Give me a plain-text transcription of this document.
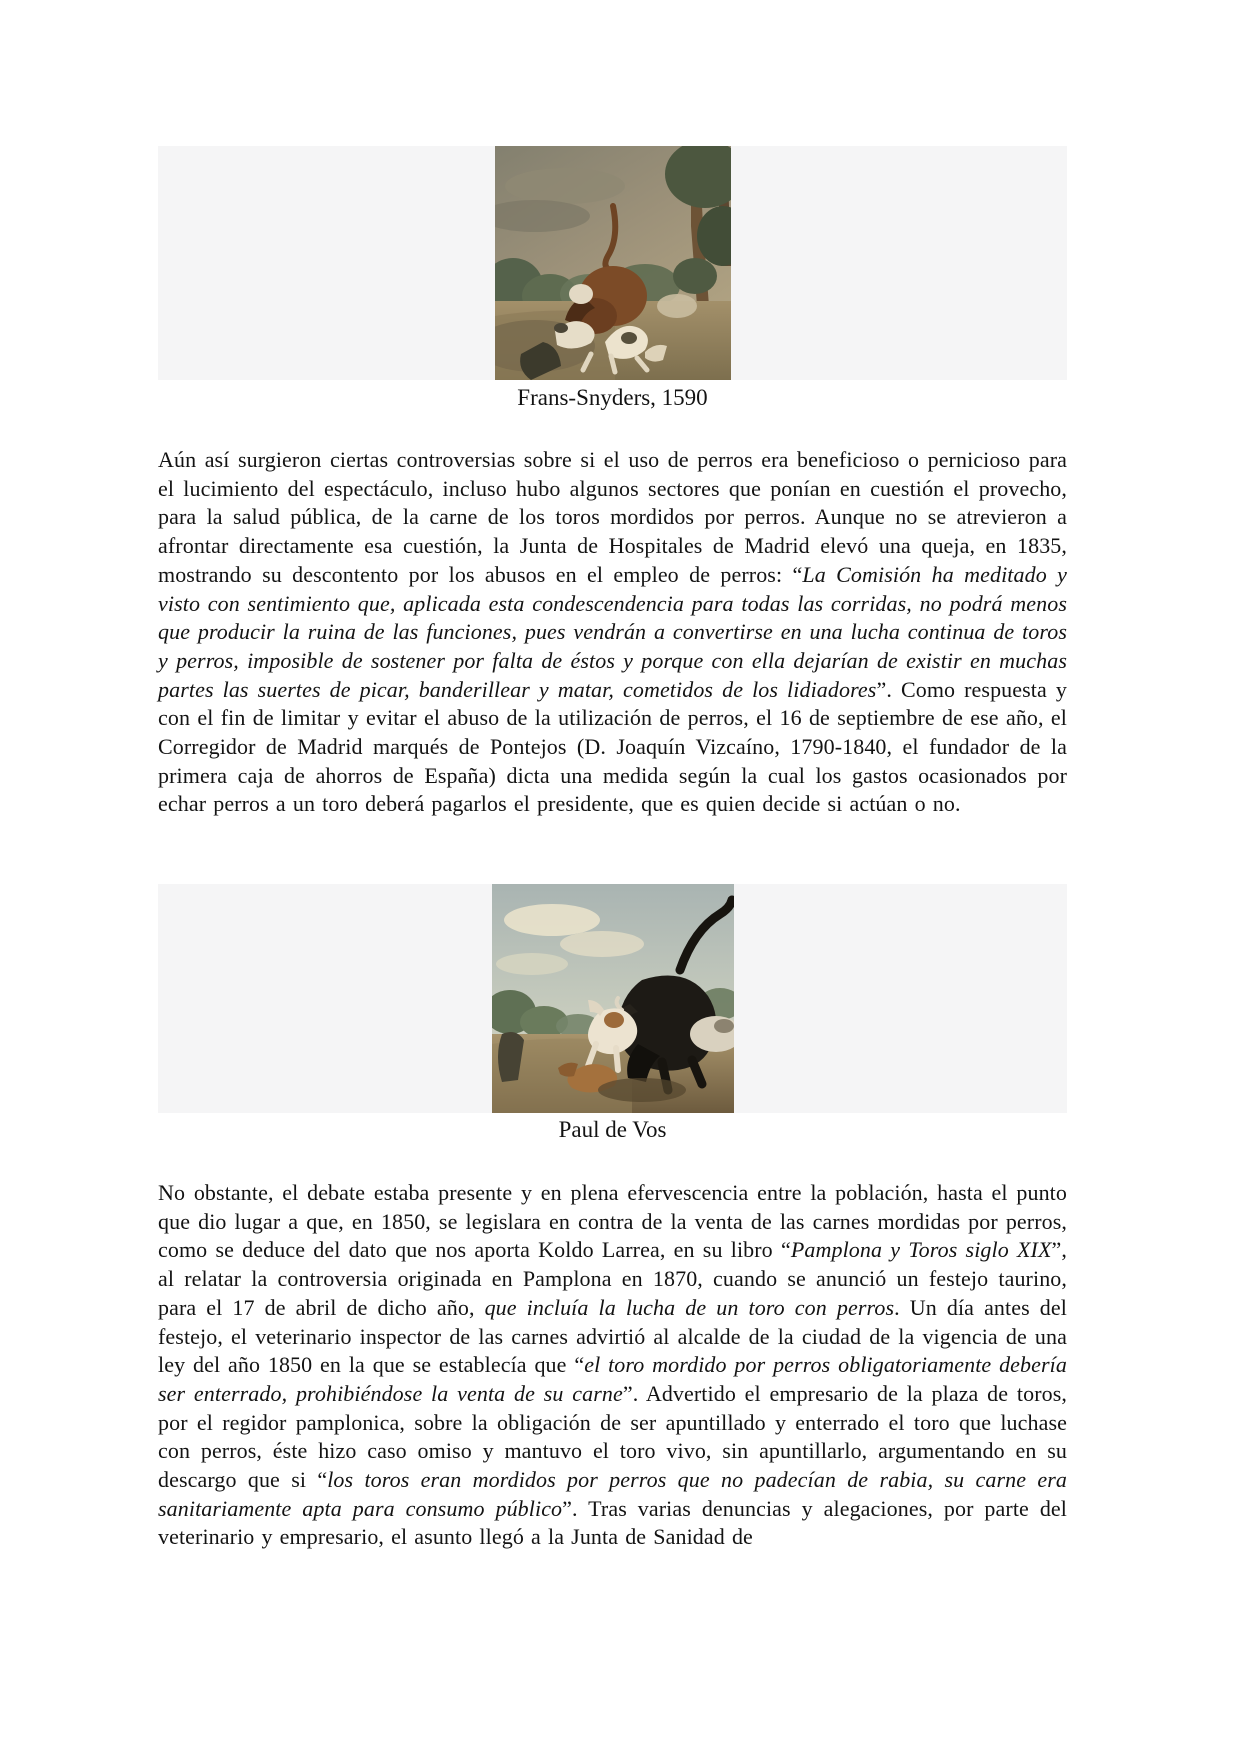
Frans-Snyders, 1590

Aún así surgieron ciertas controversias sobre si el uso de perros era beneficioso o pernicioso para el lucimiento del espectáculo, incluso hubo algunos sectores que ponían en cuestión el provecho, para la salud pública, de la carne de los toros mordidos por perros. Aunque no se atrevieron a afrontar directamente esa cuestión, la Junta de Hospitales de Madrid elevó una queja, en 1835, mostrando su descontento por los abusos en el empleo de perros: “La Comisión ha meditado y visto con sentimiento que, aplicada esta condescendencia para todas las corridas, no podrá menos que producir la ruina de las funciones, pues vendrán a convertirse en una lucha continua de toros y perros, imposible de sostener por falta de éstos y porque con ella dejarían de existir en muchas partes las suertes de picar, banderillear y matar, cometidos de los lidiadores”. Como respuesta y con el fin de limitar y evitar el abuso de la utilización de perros, el 16 de septiembre de ese año, el Corregidor de Madrid marqués de Pontejos (D. Joaquín Vizcaíno, 1790-1840, el fundador de la primera caja de ahorros de España) dicta una medida según la cual los gastos ocasionados por echar perros a un toro deberá pagarlos el presidente, que es quien decide si actúan o no.

Paul de Vos

No obstante, el debate estaba presente y en plena efervescencia entre la población, hasta el punto que dio lugar a que, en 1850, se legislara en contra de la venta de las carnes mordidas por perros, como se deduce del dato que nos aporta Koldo Larrea, en su libro “Pamplona y Toros siglo XIX”, al relatar la controversia originada en Pamplona en 1870, cuando se anunció un festejo taurino, para el 17 de abril de dicho año, que incluía la lucha de un toro con perros. Un día antes del festejo, el veterinario inspector de las carnes advirtió al alcalde de la ciudad de la vigencia de una ley del año 1850 en la que se establecía que “el toro mordido por perros obligatoriamente debería ser enterrado, prohibiéndose la venta de su carne”. Advertido el empresario de la plaza de toros, por el regidor pamplonica, sobre la obligación de ser apuntillado y enterrado el toro que luchase con perros, éste hizo caso omiso y mantuvo el toro vivo, sin apuntillarlo, argumentando en su descargo que si “los toros eran mordidos por perros que no padecían de rabia, su carne era sanitariamente apta para consumo público”. Tras varias denuncias y alegaciones, por parte del veterinario y empresario, el asunto llegó a la Junta de Sanidad de
